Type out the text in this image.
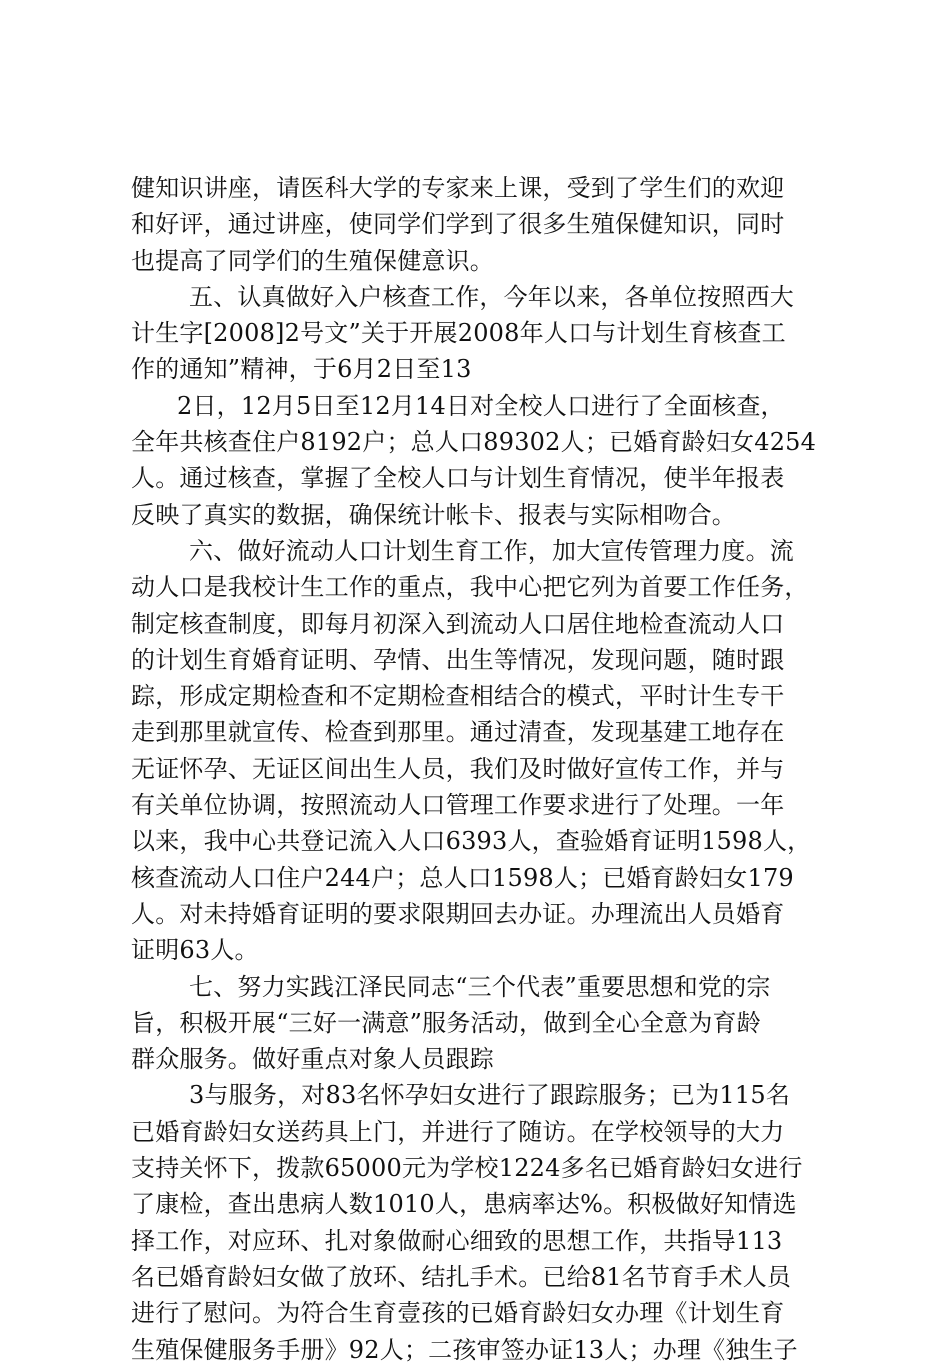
健知识讲座，请医科大学的专家来上课，受到了学生们的欢迎
和好评，通过讲座，使同学们学到了很多生殖保健知识，同时
也提高了同学们的生殖保健意识。
五、认真做好入户核查工作，今年以来，各单位按照西大
计生字[2008]2号文”关于开展2008年人口与计划生育核查工
作的通知”精神，于6月2日至13
2日，12月5日至12月14日对全校人口进行了全面核查，
全年共核查住户8192户；总人口89302人；已婚育龄妇女4254
人。通过核查，掌握了全校人口与计划生育情况，使半年报表
反映了真实的数据，确保统计帐卡、报表与实际相吻合。
六、做好流动人口计划生育工作，加大宣传管理力度。流
动人口是我校计生工作的重点，我中心把它列为首要工作任务，
制定核查制度，即每月初深入到流动人口居住地检查流动人口
的计划生育婚育证明、孕情、出生等情况，发现问题，随时跟
踪，形成定期检查和不定期检查相结合的模式，平时计生专干
走到那里就宣传、检查到那里。通过清查，发现基建工地存在
无证怀孕、无证区间出生人员，我们及时做好宣传工作，并与
有关单位协调，按照流动人口管理工作要求进行了处理。一年
以来，我中心共登记流入人口6393人，查验婚育证明1598人，
核查流动人口住户244户；总人口1598人；已婚育龄妇女179
人。对未持婚育证明的要求限期回去办证。办理流出人员婚育
证明63人。
七、努力实践江泽民同志“三个代表”重要思想和党的宗
旨，积极开展“三好一满意”服务活动，做到全心全意为育龄
群众服务。做好重点对象人员跟踪
3与服务，对83名怀孕妇女进行了跟踪服务；已为115名
已婚育龄妇女送药具上门，并进行了随访。在学校领导的大力
支持关怀下，拨款65000元为学校1224多名已婚育龄妇女进行
了康检，查出患病人数1010人，患病率达%。积极做好知情选
择工作，对应环、扎对象做耐心细致的思想工作，共指导113
名已婚育龄妇女做了放环、结扎手术。已给81名节育手术人员
进行了慰问。为符合生育壹孩的已婚育龄妇女办理《计划生育
生殖保健服务手册》92人；二孩审签办证13人；办理《独生子
